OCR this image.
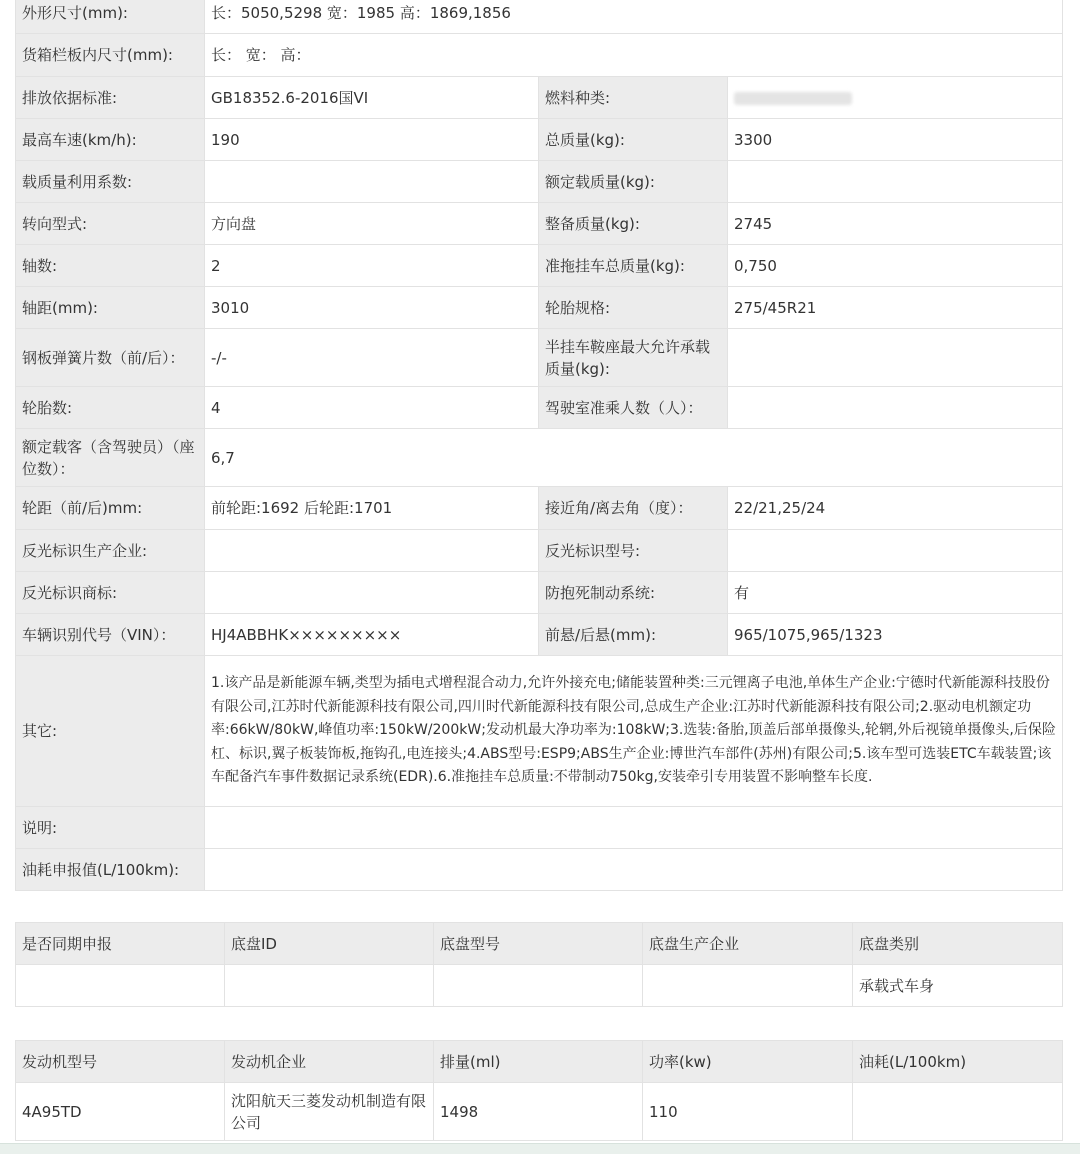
外形尺寸(mm):	长：5050,5298 宽：1985 高：1869,1856		
货箱栏板内尺寸(mm):	长： 宽： 高：		
排放依据标准:	GB18352.6-2016国VI	燃料种类:	
最高车速(km/h):	190	总质量(kg):	3300
载质量利用系数:		额定载质量(kg):	
转向型式:	方向盘	整备质量(kg):	2745
轴数:	2	准拖挂车总质量(kg):	0,750
轴距(mm):	3010	轮胎规格:	275/45R21
钢板弹簧片数（前/后）：	-/-	半挂车鞍座最大允许承载质量(kg):	
轮胎数:	4	驾驶室准乘人数（人）：	
额定载客（含驾驶员）（座位数）：	6,7		
轮距（前/后)mm:	前轮距:1692 后轮距:1701	接近角/离去角（度）：	22/21,25/24
反光标识生产企业:		反光标识型号:	
反光标识商标:		防抱死制动系统:	有
车辆识别代号（VIN）：	HJ4ABBHK×××××××××	前悬/后悬(mm):	965/1075,965/1323
其它:	1.该产品是新能源车辆,类型为插电式增程混合动力,允许外接充电;储能装置种类:三元锂离子电池,单体生产企业:宁德时代新能源科技股份有限公司,江苏时代新能源科技有限公司,四川时代新能源科技有限公司,总成生产企业:江苏时代新能源科技有限公司;2.驱动电机额定功率:66kW/80kW,峰值功率:150kW/200kW;发动机最大净功率为:108kW;3.选装:备胎,顶盖后部单摄像头,轮辋,外后视镜单摄像头,后保险杠、标识,翼子板装饰板,拖钩孔,电连接头;4.ABS型号:ESP9;ABS生产企业:博世汽车部件(苏州)有限公司;5.该车型可选装ETC车载装置;该车配备汽车事件数据记录系统(EDR).6.准拖挂车总质量:不带制动750kg,安装牵引专用装置不影响整车长度.		
说明:			
油耗申报值(L/100km):			
是否同期申报	底盘ID	底盘型号	底盘生产企业	底盘类别
				承载式车身
发动机型号	发动机企业	排量(ml)	功率(kw)	油耗(L/100km)
4A95TD	沈阳航天三菱发动机制造有限公司	1498	110	
